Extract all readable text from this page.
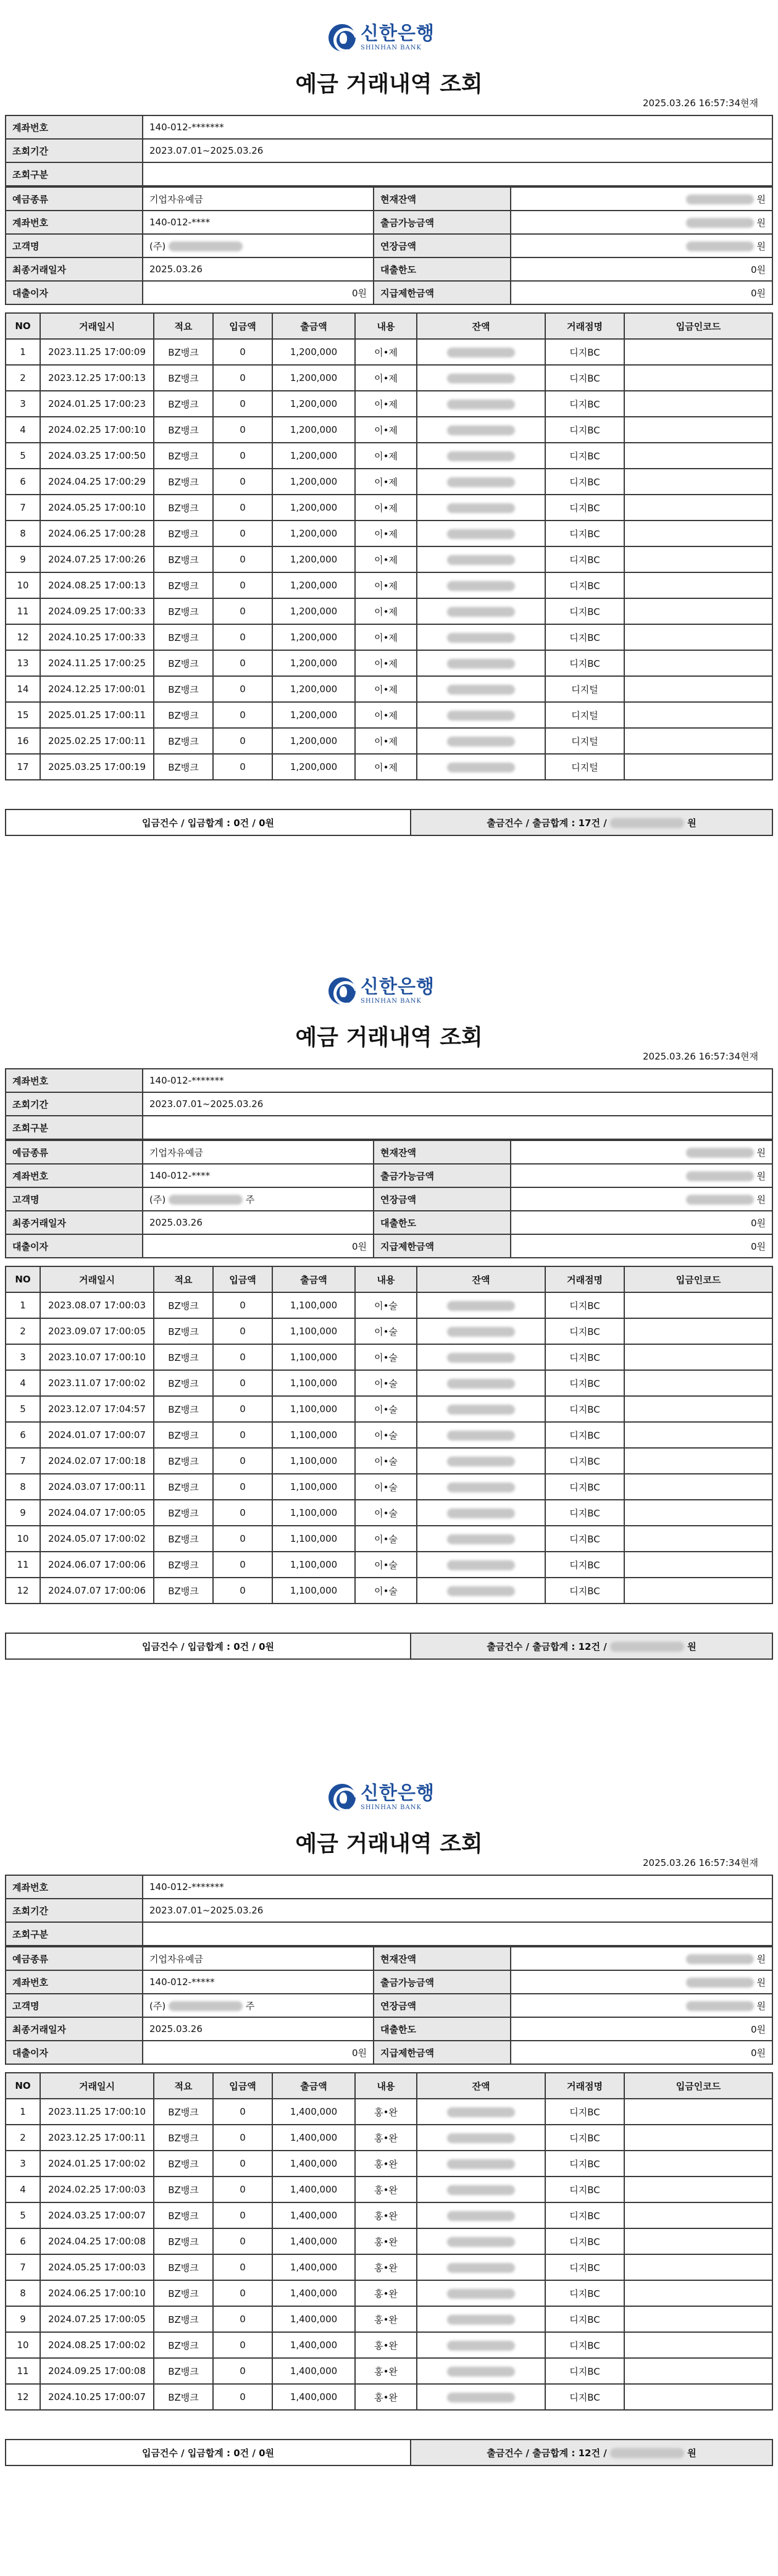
신한은행
SHINHAN BANK
예금 거래내역 조회
2025.03.26 16:57:34현재
계좌번호	140-012-*******
조회기간	2023.07.01~2025.03.26
조회구분	
예금종류	기업자유예금	현재잔액	원
계좌번호	140-012-****	출금가능금액	원
고객명	(주)	연장금액	원
최종거래일자	2025.03.26	대출한도	0원
대출이자	0원	지급제한금액	0원
NO	거래일시	적요	입금액	출금액	내용	잔액	거래점명	입금인코드
1	2023.11.25 17:00:09	BZ뱅크	0	1,200,000	이•제		디지BC	
2	2023.12.25 17:00:13	BZ뱅크	0	1,200,000	이•제		디지BC	
3	2024.01.25 17:00:23	BZ뱅크	0	1,200,000	이•제		디지BC	
4	2024.02.25 17:00:10	BZ뱅크	0	1,200,000	이•제		디지BC	
5	2024.03.25 17:00:50	BZ뱅크	0	1,200,000	이•제		디지BC	
6	2024.04.25 17:00:29	BZ뱅크	0	1,200,000	이•제		디지BC	
7	2024.05.25 17:00:10	BZ뱅크	0	1,200,000	이•제		디지BC	
8	2024.06.25 17:00:28	BZ뱅크	0	1,200,000	이•제		디지BC	
9	2024.07.25 17:00:26	BZ뱅크	0	1,200,000	이•제		디지BC	
10	2024.08.25 17:00:13	BZ뱅크	0	1,200,000	이•제		디지BC	
11	2024.09.25 17:00:33	BZ뱅크	0	1,200,000	이•제		디지BC	
12	2024.10.25 17:00:33	BZ뱅크	0	1,200,000	이•제		디지BC	
13	2024.11.25 17:00:25	BZ뱅크	0	1,200,000	이•제		디지BC	
14	2024.12.25 17:00:01	BZ뱅크	0	1,200,000	이•제		디지털	
15	2025.01.25 17:00:11	BZ뱅크	0	1,200,000	이•제		디지털	
16	2025.02.25 17:00:11	BZ뱅크	0	1,200,000	이•제		디지털	
17	2025.03.25 17:00:19	BZ뱅크	0	1,200,000	이•제		디지털	
입금건수 / 입금합계 : 0건 / 0원	출금건수 / 출금합계 : 17건 /	원
신한은행
SHINHAN BANK
예금 거래내역 조회
2025.03.26 16:57:34현재
계좌번호	140-012-*******
조회기간	2023.07.01~2025.03.26
조회구분	
예금종류	기업자유예금	현재잔액	원
계좌번호	140-012-****	출금가능금액	원
고객명	(주) 주	연장금액	원
최종거래일자	2025.03.26	대출한도	0원
대출이자	0원	지급제한금액	0원
NO	거래일시	적요	입금액	출금액	내용	잔액	거래점명	입금인코드
1	2023.08.07 17:00:03	BZ뱅크	0	1,100,000	이•술		디지BC	
2	2023.09.07 17:00:05	BZ뱅크	0	1,100,000	이•술		디지BC	
3	2023.10.07 17:00:10	BZ뱅크	0	1,100,000	이•술		디지BC	
4	2023.11.07 17:00:02	BZ뱅크	0	1,100,000	이•술		디지BC	
5	2023.12.07 17:04:57	BZ뱅크	0	1,100,000	이•술		디지BC	
6	2024.01.07 17:00:07	BZ뱅크	0	1,100,000	이•술		디지BC	
7	2024.02.07 17:00:18	BZ뱅크	0	1,100,000	이•술		디지BC	
8	2024.03.07 17:00:11	BZ뱅크	0	1,100,000	이•술		디지BC	
9	2024.04.07 17:00:05	BZ뱅크	0	1,100,000	이•술		디지BC	
10	2024.05.07 17:00:02	BZ뱅크	0	1,100,000	이•술		디지BC	
11	2024.06.07 17:00:06	BZ뱅크	0	1,100,000	이•술		디지BC	
12	2024.07.07 17:00:06	BZ뱅크	0	1,100,000	이•술		디지BC	
입금건수 / 입금합계 : 0건 / 0원	출금건수 / 출금합계 : 12건 /	원
신한은행
SHINHAN BANK
예금 거래내역 조회
2025.03.26 16:57:34현재
계좌번호	140-012-*******
조회기간	2023.07.01~2025.03.26
조회구분	
예금종류	기업자유예금	현재잔액	원
계좌번호	140-012-*****	출금가능금액	원
고객명	(주) 주	연장금액	원
최종거래일자	2025.03.26	대출한도	0원
대출이자	0원	지급제한금액	0원
NO	거래일시	적요	입금액	출금액	내용	잔액	거래점명	입금인코드
1	2023.11.25 17:00:10	BZ뱅크	0	1,400,000	홍•완		디지BC	
2	2023.12.25 17:00:11	BZ뱅크	0	1,400,000	홍•완		디지BC	
3	2024.01.25 17:00:02	BZ뱅크	0	1,400,000	홍•완		디지BC	
4	2024.02.25 17:00:03	BZ뱅크	0	1,400,000	홍•완		디지BC	
5	2024.03.25 17:00:07	BZ뱅크	0	1,400,000	홍•완		디지BC	
6	2024.04.25 17:00:08	BZ뱅크	0	1,400,000	홍•완		디지BC	
7	2024.05.25 17:00:03	BZ뱅크	0	1,400,000	홍•완		디지BC	
8	2024.06.25 17:00:10	BZ뱅크	0	1,400,000	홍•완		디지BC	
9	2024.07.25 17:00:05	BZ뱅크	0	1,400,000	홍•완		디지BC	
10	2024.08.25 17:00:02	BZ뱅크	0	1,400,000	홍•완		디지BC	
11	2024.09.25 17:00:08	BZ뱅크	0	1,400,000	홍•완		디지BC	
12	2024.10.25 17:00:07	BZ뱅크	0	1,400,000	홍•완		디지BC	
입금건수 / 입금합계 : 0건 / 0원	출금건수 / 출금합계 : 12건 /	원
